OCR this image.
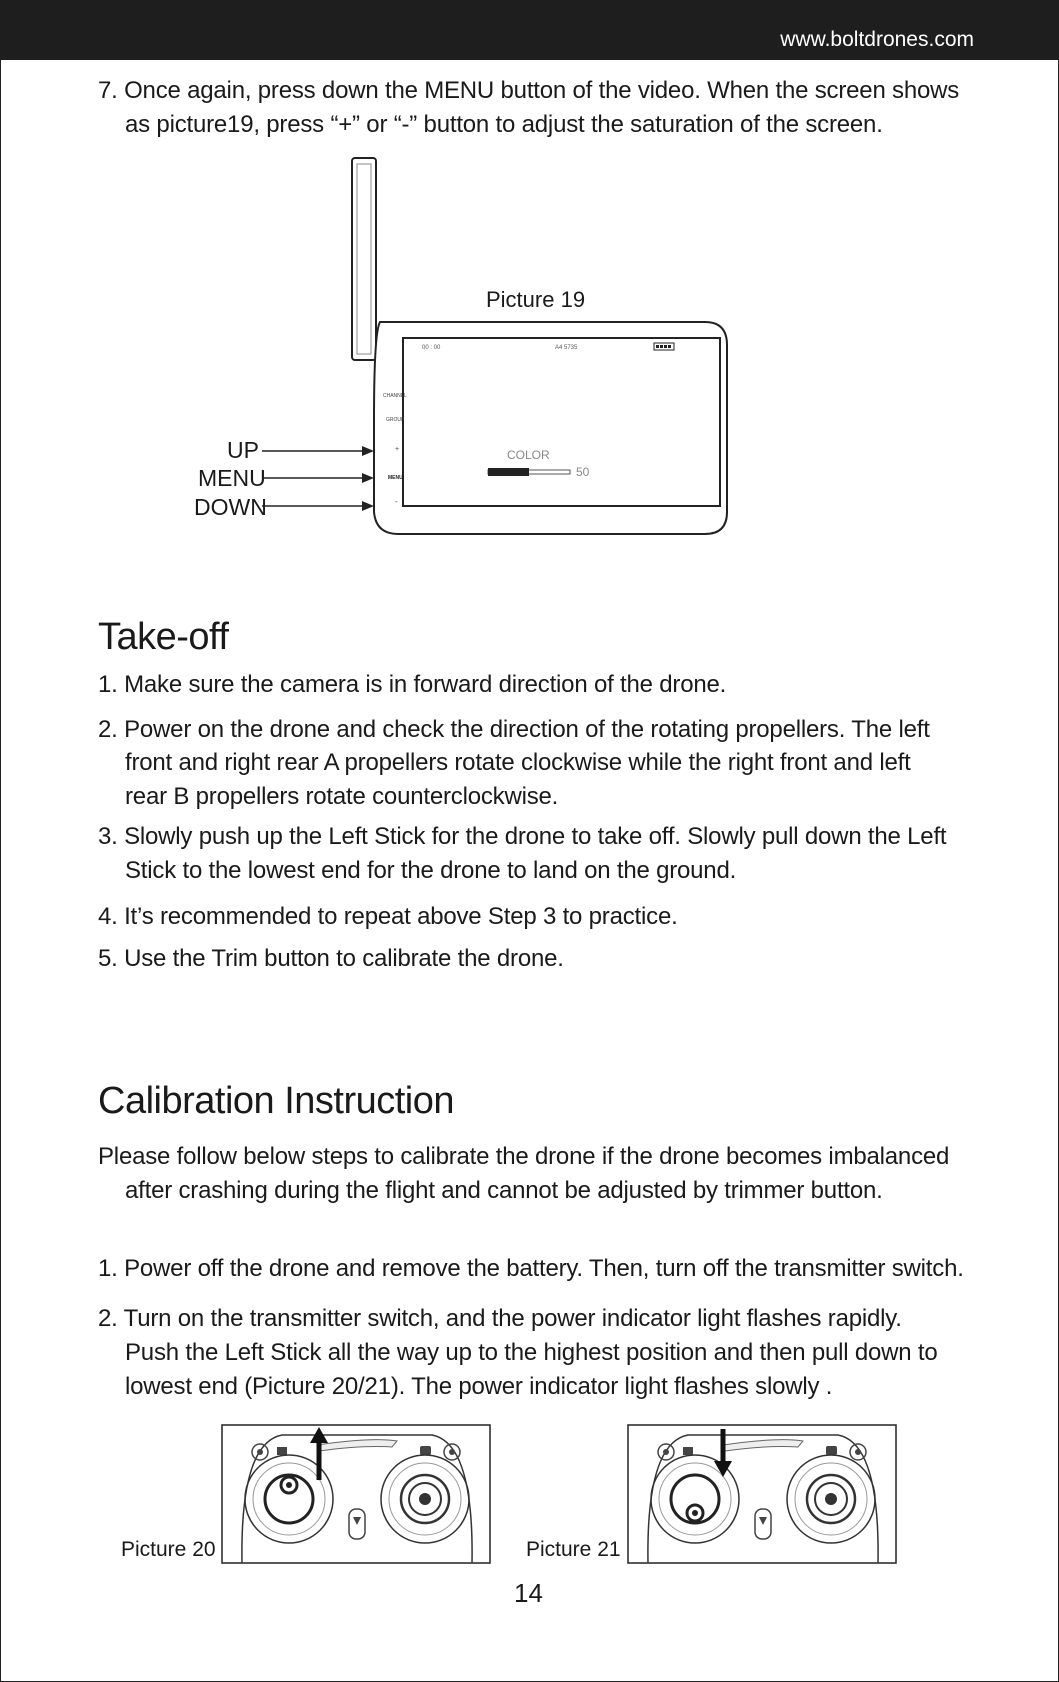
www.boltdrones.com
7. Once again, press down the MENU button of the video. When the screen shows
as picture19, press “+” or “-” button to adjust the saturation of the screen.
00 : 00	A4 5735
CHANNEL
GROUP
+
MENU
-
COLOR
50
Picture 19
UP
MENU
DOWN
Take-off
1. Make sure the camera is in forward direction of the drone.
2. Power on the drone and check the direction of the rotating propellers. The left
front and right rear A propellers rotate clockwise while the right front and left
rear B propellers rotate counterclockwise.
3. Slowly push up the Left Stick for the drone to take off. Slowly pull down the Left
Stick to the lowest end for the drone to land on the ground.
4. It’s recommended to repeat above Step 3 to practice.
5. Use the Trim button to calibrate the drone.
Calibration Instruction
Please follow below steps to calibrate the drone if the drone becomes imbalanced
after crashing during the flight and cannot be adjusted by trimmer button.
1. Power off the drone and remove the battery. Then, turn off the transmitter switch.
2. Turn on the transmitter switch, and the power indicator light flashes rapidly.
Push the Left Stick all the way up to the highest position and then pull down to
lowest end (Picture 20/21). The power indicator light flashes slowly .
Picture 20	Picture 21
14
